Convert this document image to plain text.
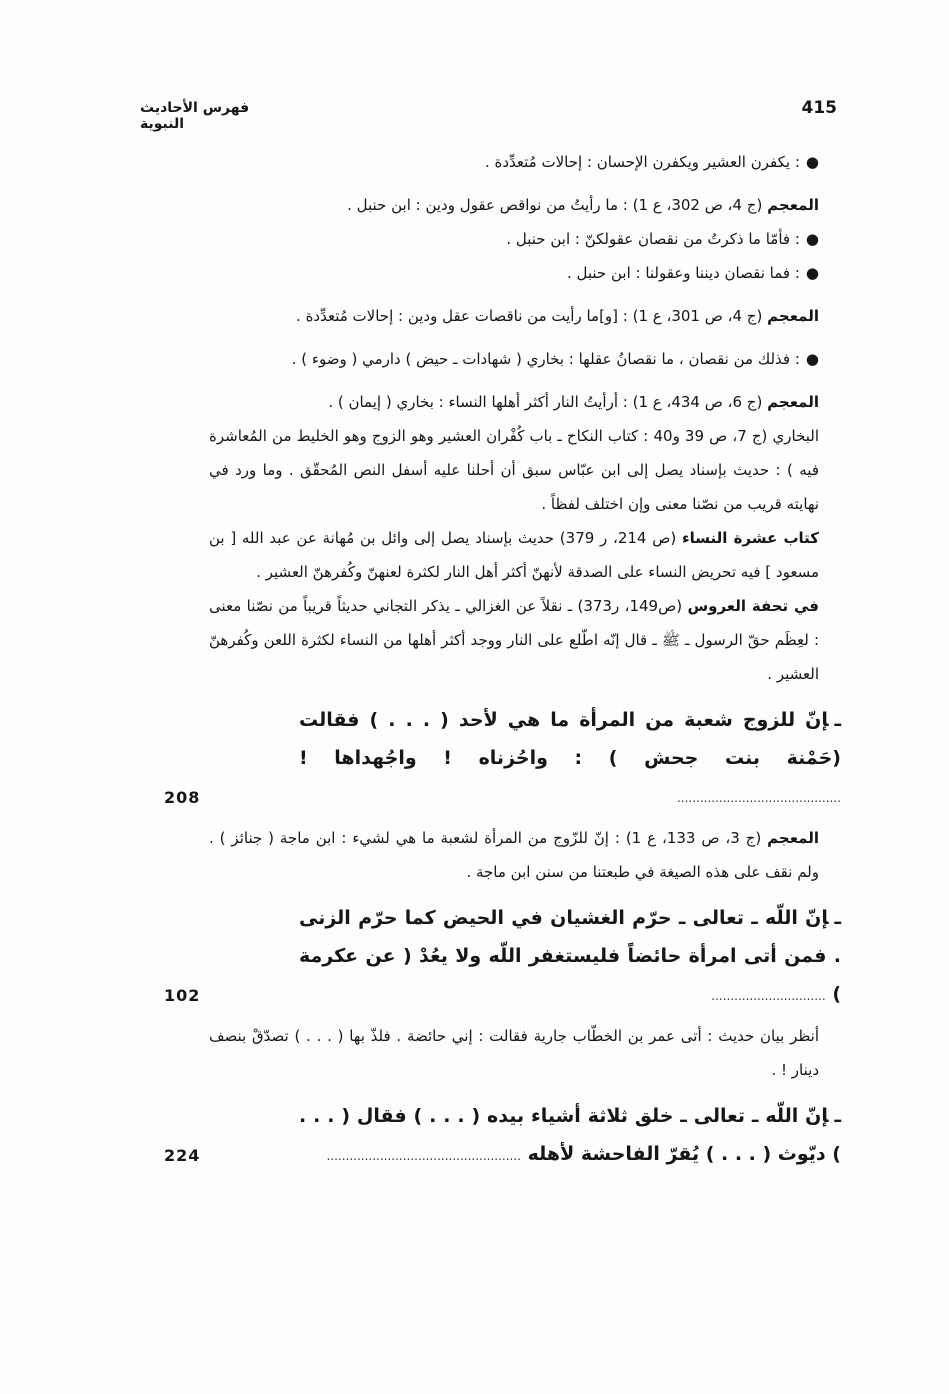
فهرس الأحاديث النبوية
415

●: يكفرن العشير ويكفرن الإحسان : إحالات مُتعدِّدة .

المعجم (ج 4، ص 302، ع 1) : ما رأيتُ من نواقص عقول ودين : ابن حنبل .

●: فأمّا ما ذكرتُ من نقصان عقولكنّ : ابن حنبل .

●: فما نقصان ديننا وعقولنا : ابن حنبل .

المعجم (ج 4، ص 301، ع 1) : [و]ما رأيت من ناقصات عقل ودين : إحالات مُتعدِّدة .

●: فذلك من نقصان ، ما نقصانُ عقلها : بخاري ( شهادات ـ حيض ) دارمي ( وضوء ) .

المعجم (ج 6، ص 434، ع 1) : أرأيتُ النار أكثر أهلها النساء : بخاري ( إيمان ) .

البخاري (ج 7، ص 39 و40 : كتاب النكاح ـ باب كُفْران العشير وهو الزوج وهو الخليط من المُعاشرة فيه ) : حديث بإسناد يصل إلى ابن عبّاس سبق أن أحلنا عليه أسفل النص المُحقّق . وما ورد في نهايته قريب من نصّنا معنى وإن اختلف لفظاً .

كتاب عشرة النساء (ص 214، ر 379) حديث بإسناد يصل إلى وائل بن مُهانة عن عبد الله [ بن مسعود ] فيه تحريض النساء على الصدقة لأنهنّ أكثر أهل النار لكثرة لعنهنّ وكُفرهنّ العشير .

في تحفة العروس (ص149، ر373) ـ نقلاً عن الغزالي ـ يذكر التجاني حديثاً قريباً من نصّنا معنى : لعِظَم حقّ الرسول ـ ﷺ ـ قال إنّه اطّلع على النار ووجد أكثر أهلها من النساء لكثرة اللعن وكُفرهنّ العشير .

ـإنّ للزوج شعبة من المرأة ما هي لأحد ( . . . ) فقالت (حَمْنة بنت جحش ) : واحُزناه ! واجُهداها ! ...........................................
208

المعجم (ج 3، ص 133، ع 1) : إنّ للزّوج من المرأة لشعبة ما هي لشيء : ابن ماجة ( جنائز ) . ولم نقف على هذه الصيغة في طبعتنا من سنن ابن ماجة .

ـإنّ اللّه ـ تعالى ـ حرّم الغشيان في الحيض كما حرّم الزنى . فمن أتى امرأة حائضاً فليستغفر اللّه ولا يعُدْ ( عن عكرمة ) ..............................
102

أنظر بيان حديث : أتى عمر بن الخطّاب جارية فقالت : إني حائضة . فلذّ بها ( . . . ) تصدّقْ بنصف دينار ! .

ـإنّ اللّه ـ تعالى ـ خلق ثلاثة أشياء بيده ( . . . ) فقال ( . . . ) ديّوث ( . . . ) يُقرّ الفاحشة لأهله ...................................................
224
